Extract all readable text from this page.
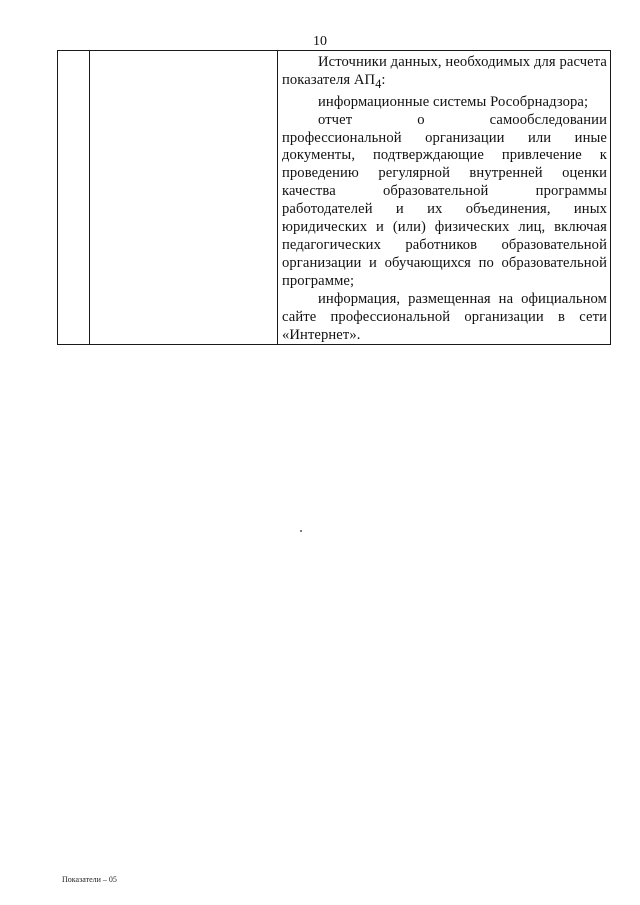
10

Источники данных, необходимых для расчета показателя $АП_4$:

информационные системы Рособрнадзора;

отчет о самообследовании профессиональной организации или иные документы, подтверждающие привлечение к проведению регулярной внутренней оценки качества образовательной программы работодателей и их объединения, иных юридических и (или) физических лиц, включая педагогических работников образовательной организации и обучающихся по образовательной программе;

информация, размещенная на официальном сайте профессиональной организации в сети «Интернет».

Показатели – 05
